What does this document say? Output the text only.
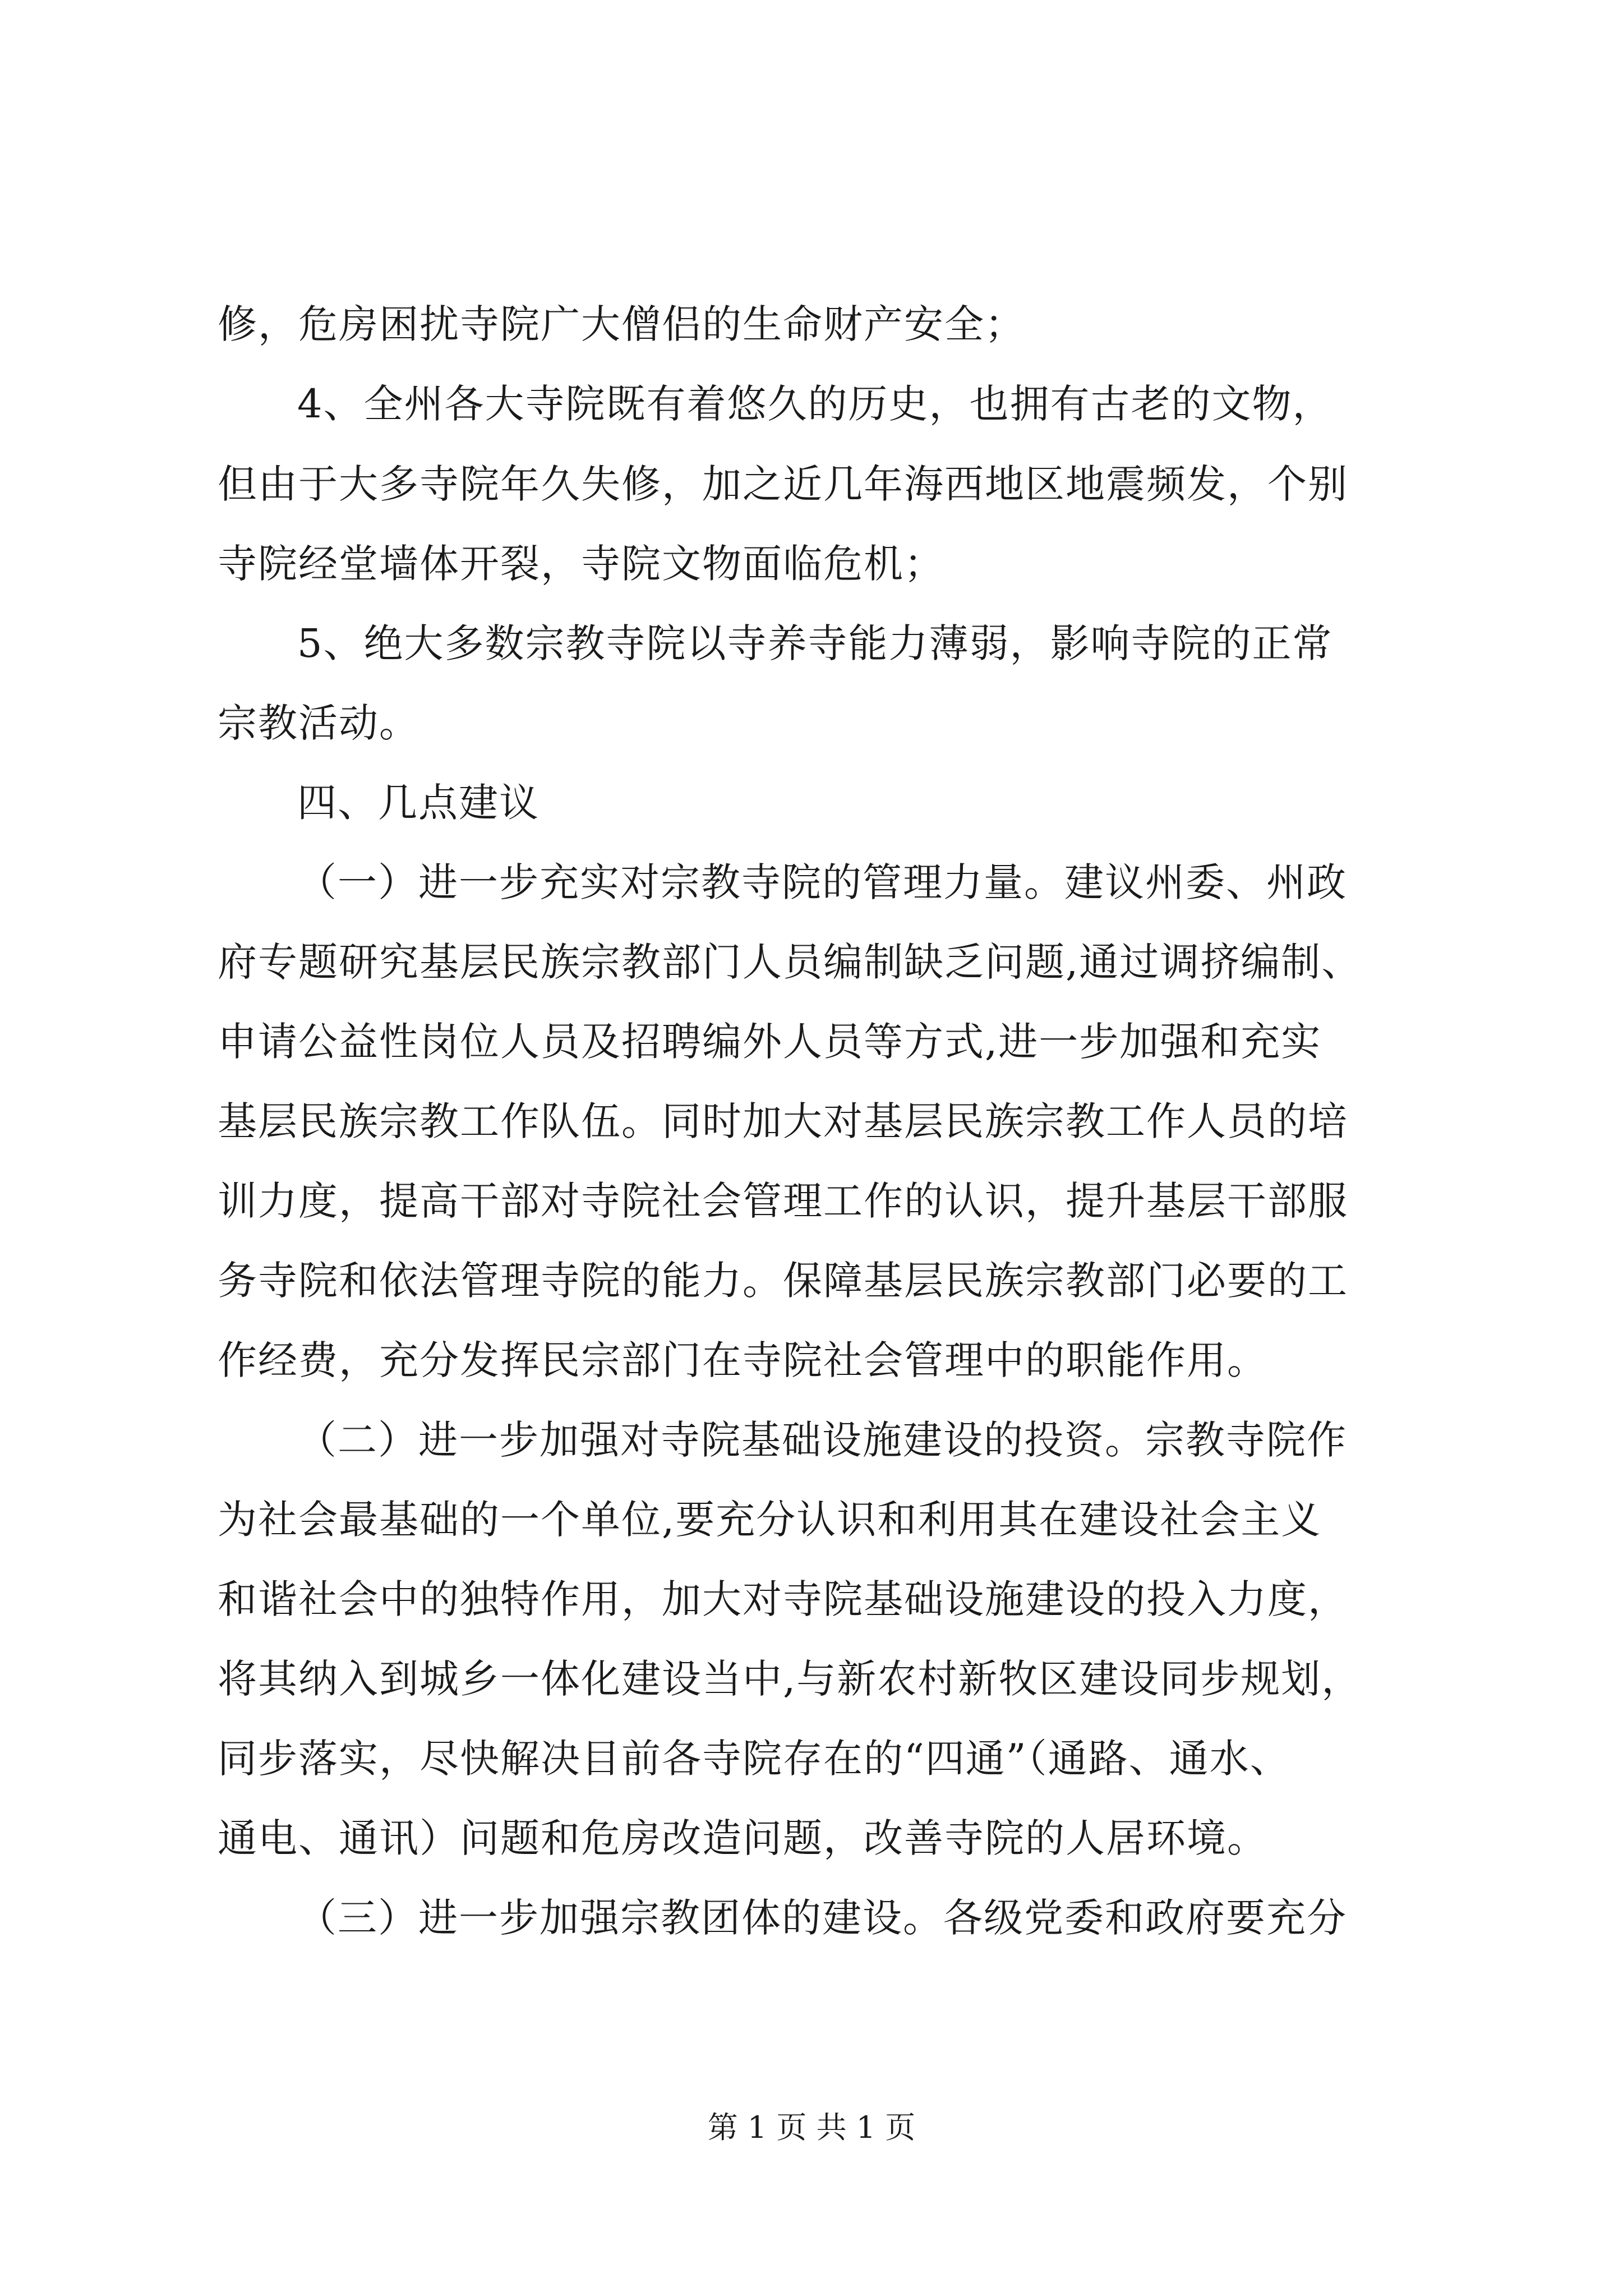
修，危房困扰寺院广大僧侣的生命财产安全；
4、全州各大寺院既有着悠久的历史，也拥有古老的文物，
但由于大多寺院年久失修，加之近几年海西地区地震频发，个别
寺院经堂墙体开裂，寺院文物面临危机；
5、绝大多数宗教寺院以寺养寺能力薄弱，影响寺院的正常
宗教活动。
四、几点建议
（一）进一步充实对宗教寺院的管理力量。建议州委、州政
府专题研究基层民族宗教部门人员编制缺乏问题,通过调挤编制、
申请公益性岗位人员及招聘编外人员等方式,进一步加强和充实
基层民族宗教工作队伍。同时加大对基层民族宗教工作人员的培
训力度，提高干部对寺院社会管理工作的认识，提升基层干部服
务寺院和依法管理寺院的能力。保障基层民族宗教部门必要的工
作经费，充分发挥民宗部门在寺院社会管理中的职能作用。
（二）进一步加强对寺院基础设施建设的投资。宗教寺院作
为社会最基础的一个单位,要充分认识和利用其在建设社会主义
和谐社会中的独特作用，加大对寺院基础设施建设的投入力度，
将其纳入到城乡一体化建设当中,与新农村新牧区建设同步规划，
同步落实，尽快解决目前各寺院存在的“四通”（通路、通水、
通电、通讯）问题和危房改造问题，改善寺院的人居环境。
（三）进一步加强宗教团体的建设。各级党委和政府要充分
第 1 页 共 1 页
